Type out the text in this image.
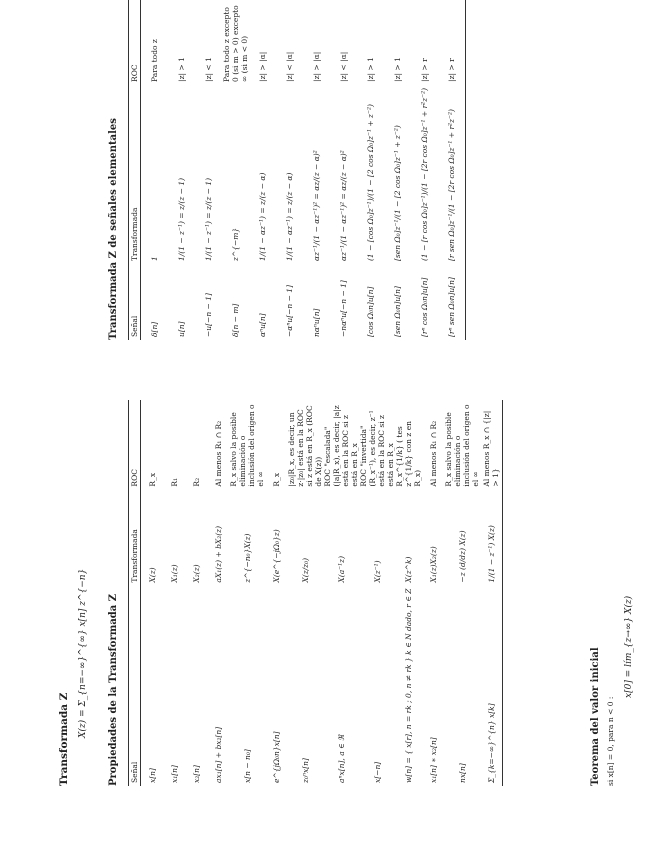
Transformada Z
X(z) = Σ_{n=−∞}^{∞} x[n] z^{−n} Propiedades de la Transformada Z Señal	Transformada	ROC
x[n]	X(z)	R_x
x₁[n]	X₁(z)	R₁
x₂[n]	X₂(z)	R₂
ax₁[n] + bx₂[n]	aX₁(z) + bX₂(z)	Al menos R₁ ∩ R₂
x[n − n₀]	z^{−n₀}X(z)	R_x salvo la posible eliminación o inclusión del origen o el ∞
e^{jΩ₀n}x[n]	X(e^{−jΩ₀}z)	R_x
z₀ⁿx[n]	X(z/z₀)	|z₀|R_x, es decir, un z·|z₀| está en la ROC si z está en R_x (ROC de X(z))
aⁿx[n], a ∈ ℜ	X(a⁻¹z)	ROC "escalada" (|a|R_x), es decir, |a|z está en la ROC si z está en R_x
x[−n]	X(z⁻¹)	ROC "invertida" (R_x⁻¹), es decir, z⁻¹ está en la ROC si z está en R_x
w[n] = { x[r], n = rk ; 0, n ≠ rk } k ∈ N dado, r ∈ Z	X(z^k)	R_x^{1/k} ( tes z^{1/k} con z en R_x)
x₁[n] ∗ x₂[n]	X₁(z)X₂(z)	Al menos R₁ ∩ R₂
nx[n]	−z (d/dz) X(z)	R_x salvo la posible eliminación o inclusión del origen o el ∞
Σ_{k=−∞}^{n} x[k]	1/(1 − z⁻¹) X(z)	Al menos R_x ∩ {|z| > 1}
Transformada Z de señales elementales Señal	Transformada	ROC
δ[n]	1	Para todo z
u[n]	1/(1 − z⁻¹) = z/(z − 1)	|z| > 1
−u[−n − 1]	1/(1 − z⁻¹) = z/(z − 1)	|z| < 1
δ[n − m]	z^{−m}	Para todo z excepto 0 (si m > 0) excepto ∞ (si m < 0)
αⁿu[n]	1/(1 − αz⁻¹) = z/(z − α)	|z| > |α|
−αⁿu[−n − 1]	1/(1 − αz⁻¹) = z/(z − α)	|z| < |α|
nαⁿu[n]	αz⁻¹/(1 − αz⁻¹)² = αz/(z − α)²	|z| > |α|
−nαⁿu[−n − 1]	αz⁻¹/(1 − αz⁻¹)² = αz/(z − α)²	|z| < |α|
[cos Ω₀n]u[n]	(1 − [cos Ω₀]z⁻¹)/(1 − [2 cos Ω₀]z⁻¹ + z⁻²)	|z| > 1
[sen Ω₀n]u[n]	[sen Ω₀]z⁻¹/(1 − [2 cos Ω₀]z⁻¹ + z⁻²)	|z| > 1
[rⁿ cos Ω₀n]u[n]	(1 − [r cos Ω₀]z⁻¹)/(1 − [2r cos Ω₀]z⁻¹ + r²z⁻²)	|z| > r
[rⁿ sen Ω₀n]u[n]	[r sen Ω₀]z⁻¹/(1 − [2r cos Ω₀]z⁻¹ + r²z⁻²)	|z| > r
Teorema del valor inicial si x[n] = 0, para n < 0 :
x[0] = lím_{z→∞} X(z)
